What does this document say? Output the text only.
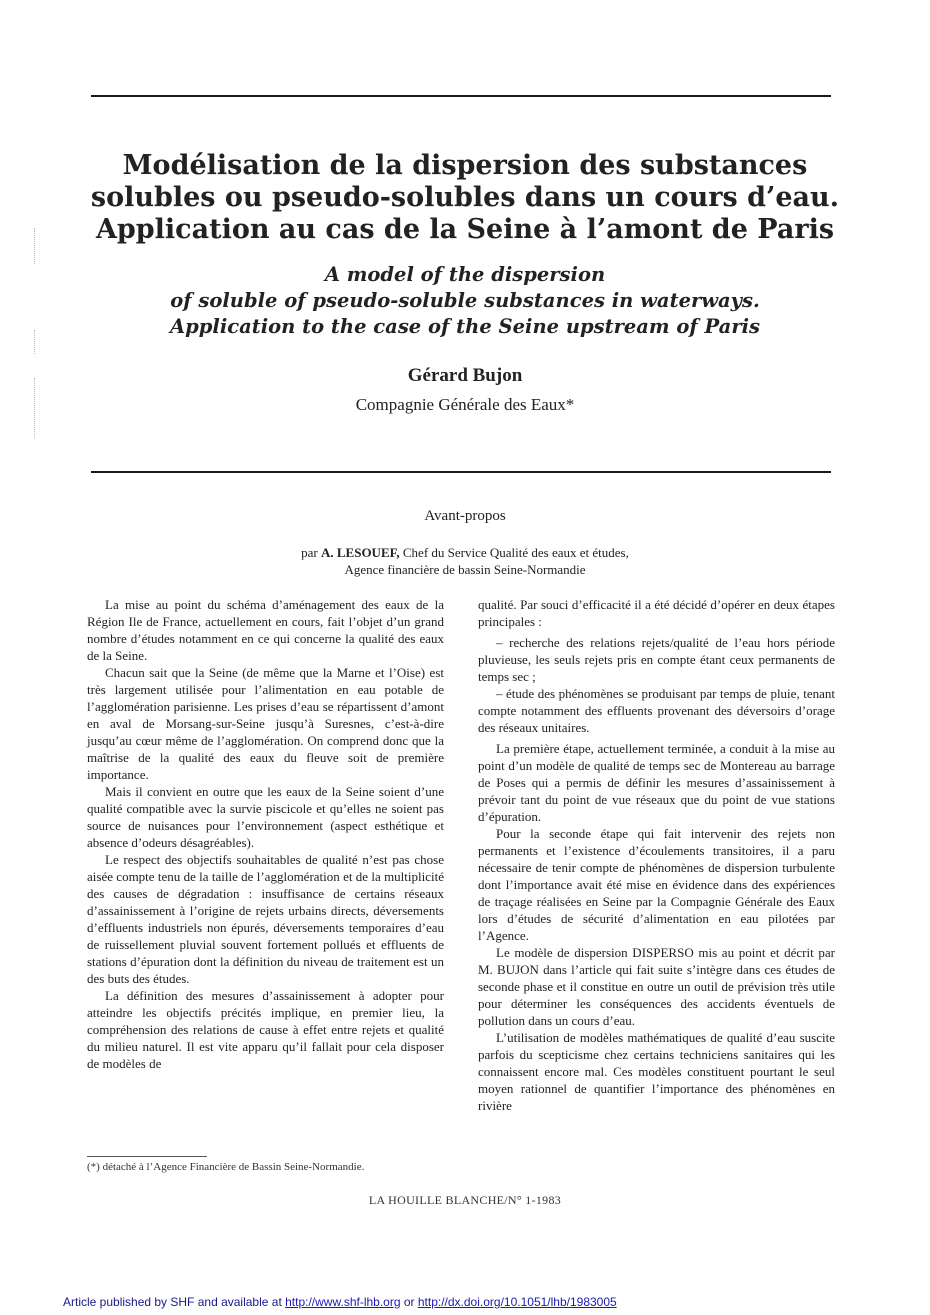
Modélisation de la dispersion des substances
solubles ou pseudo-solubles dans un cours d’eau.
Application au cas de la Seine à l’amont de Paris
A model of the dispersion
of soluble of pseudo-soluble substances in waterways.
Application to the case of the Seine upstream of Paris
Gérard Bujon
Compagnie Générale des Eaux*
Avant-propos
par A. LESOUEF, Chef du Service Qualité des eaux et études,
Agence financière de bassin Seine-Normandie

La mise au point du schéma d’aménagement des eaux de la Région Ile de France, actuellement en cours, fait l’objet d’un grand nombre d’études notamment en ce qui concerne la qualité des eaux de la Seine.

Chacun sait que la Seine (de même que la Marne et l’Oise) est très largement utilisée pour l’alimentation en eau potable de l’agglomération parisienne. Les prises d’eau se répartissent d’amont en aval de Morsang-sur-Seine jusqu’à Suresnes, c’est-à-dire jusqu’au cœur même de l’agglomération. On comprend donc que la maîtrise de la qualité des eaux du fleuve soit de première importance.

Mais il convient en outre que les eaux de la Seine soient d’une qualité compatible avec la survie piscicole et qu’elles ne soient pas source de nuisances pour l’environnement (aspect esthétique et absence d’odeurs désagréables).

Le respect des objectifs souhaitables de qualité n’est pas chose aisée compte tenu de la taille de l’agglomération et de la multiplicité des causes de dégradation : insuffisance de certains réseaux d’assainissement à l’origine de rejets urbains directs, déversements d’effluents industriels non épurés, déversements temporaires d’eau de ruissellement pluvial souvent fortement pollués et effluents de stations d’épuration dont la définition du niveau de traitement est un des buts des études.

La définition des mesures d’assainissement à adopter pour atteindre les objectifs précités implique, en premier lieu, la compréhension des relations de cause à effet entre rejets et qualité du milieu naturel. Il est vite apparu qu’il fallait pour cela disposer de modèles de

qualité. Par souci d’efficacité il a été décidé d’opérer en deux étapes principales :

– recherche des relations rejets/qualité de l’eau hors période pluvieuse, les seuls rejets pris en compte étant ceux permanents de temps sec ;

– étude des phénomènes se produisant par temps de pluie, tenant compte notamment des effluents provenant des déversoirs d’orage des réseaux unitaires.

La première étape, actuellement terminée, a conduit à la mise au point d’un modèle de qualité de temps sec de Montereau au barrage de Poses qui a permis de définir les mesures d’assainissement à prévoir tant du point de vue réseaux que du point de vue stations d’épuration.

Pour la seconde étape qui fait intervenir des rejets non permanents et l’existence d’écoulements transitoires, il a paru nécessaire de tenir compte de phénomènes de dispersion turbulente dont l’importance avait été mise en évidence dans des expériences de traçage réalisées en Seine par la Compagnie Générale des Eaux lors d’études de sécurité d’alimentation en eau pilotées par l’Agence.

Le modèle de dispersion DISPERSO mis au point et décrit par M. BUJON dans l’article qui fait suite s’intègre dans ces études de seconde phase et il constitue en outre un outil de prévision très utile pour déterminer les conséquences des accidents éventuels de pollution dans un cours d’eau.

L’utilisation de modèles mathématiques de qualité d’eau suscite parfois du scepticisme chez certains techniciens sanitaires qui les connaissent encore mal. Ces modèles constituent pourtant le seul moyen rationnel de quantifier l’importance des phénomènes en rivière

(*) détaché à l’Agence Financière de Bassin Seine-Normandie.
LA HOUILLE BLANCHE/N° 1-1983
Article published by SHF and available at http://www.shf-lhb.org or http://dx.doi.org/10.1051/lhb/1983005
